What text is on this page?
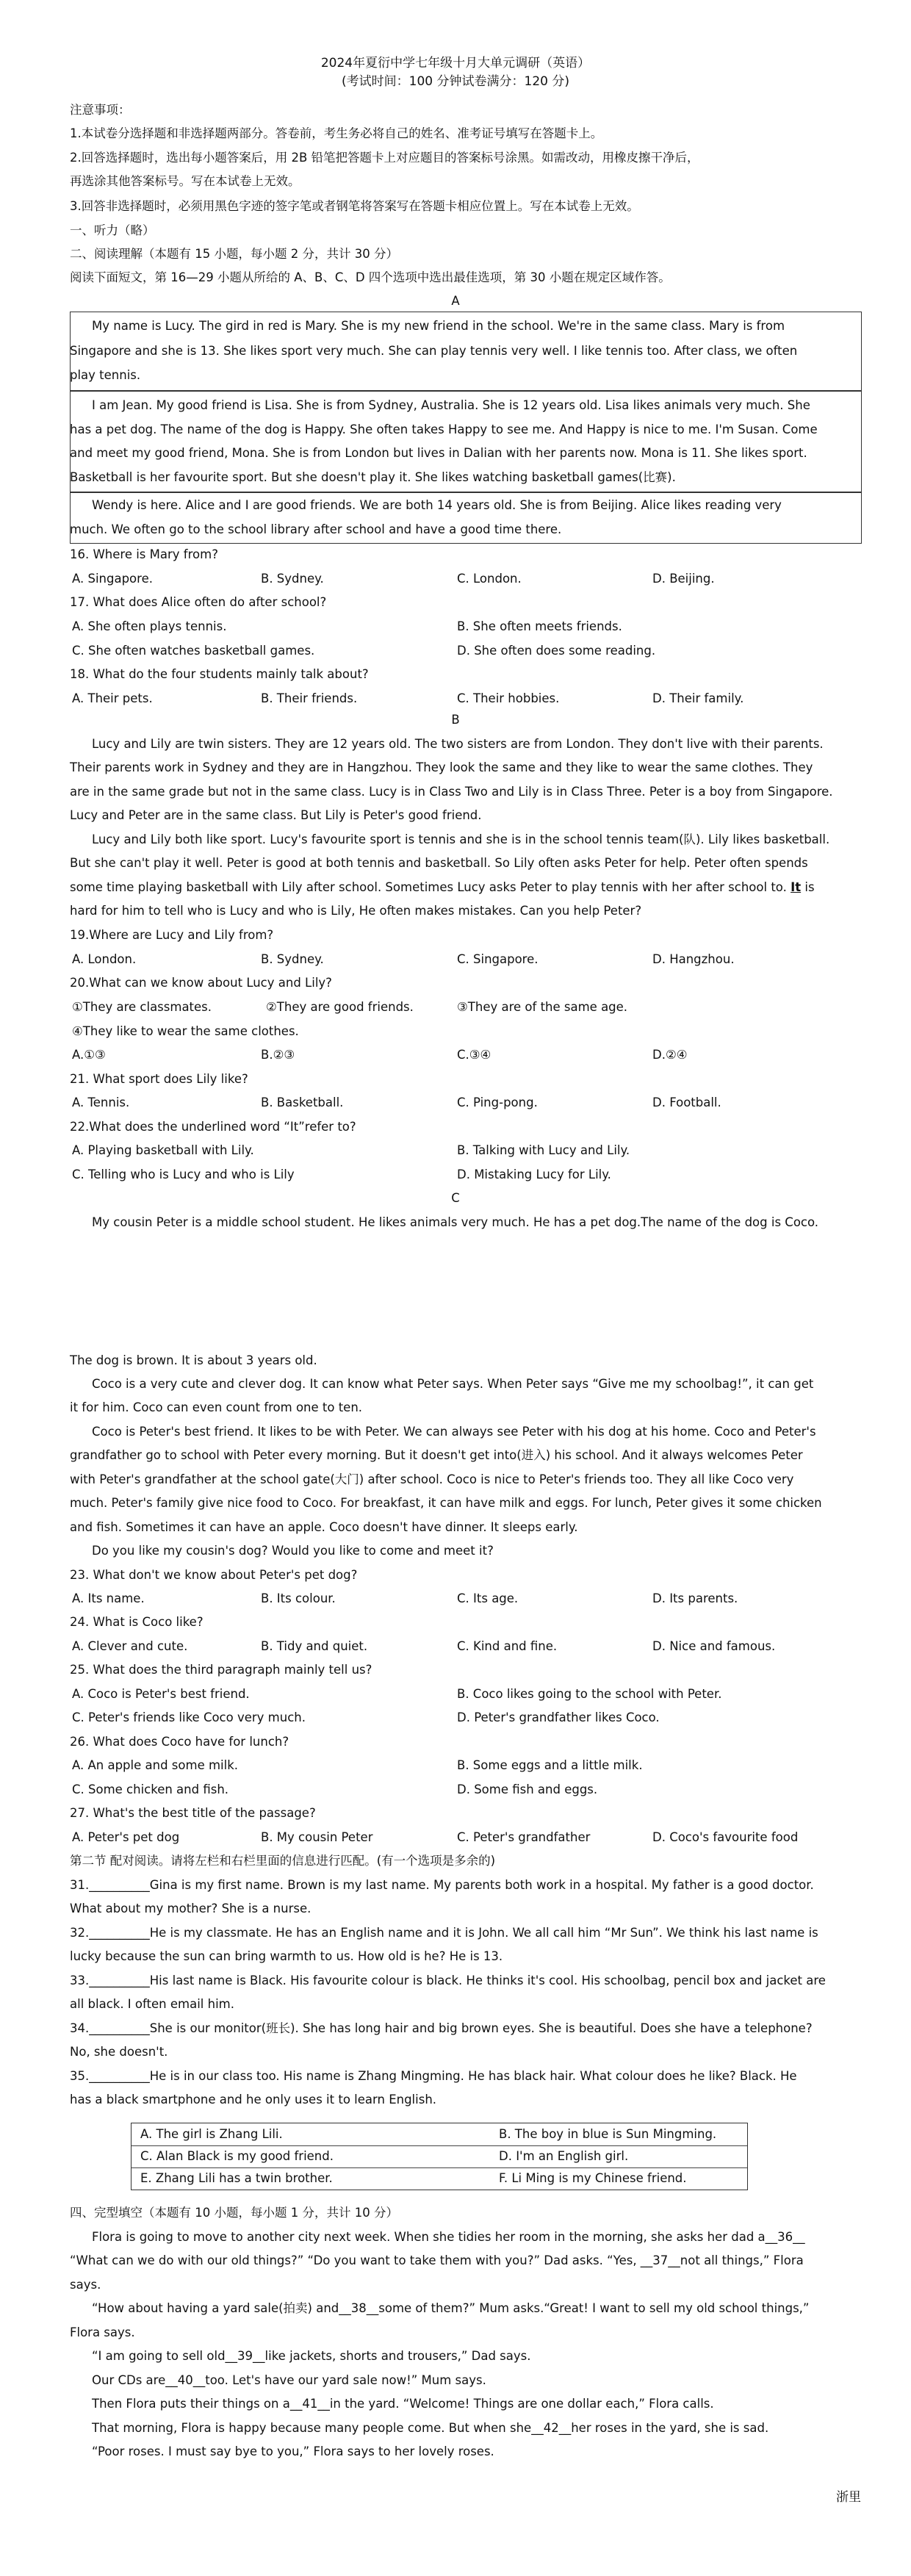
2024年夏衍中学七年级十月大单元调研（英语）
(考试时间：100 分钟试卷满分：120 分)
注意事项：
1.本试卷分选择题和非选择题两部分。答卷前，考生务必将自己的姓名、准考证号填写在答题卡上。
2.回答选择题时，选出每小题答案后，用 2B 铅笔把答题卡上对应题目的答案标号涂黑。如需改动，用橡皮擦干净后，
再选涂其他答案标号。写在本试卷上无效。
3.回答非选择题时，必须用黑色字迹的签字笔或者钢笔将答案写在答题卡相应位置上。写在本试卷上无效。
一、听力（略）
二、阅读理解（本题有 15 小题，每小题 2 分，共计 30 分）
阅读下面短文，第 16—29 小题从所给的 A、B、C、D 四个选项中选出最佳选项，第 30 小题在规定区域作答。
A
My name is Lucy. The gird in red is Mary. She is my new friend in the school. We're in the same class. Mary is from
Singapore and she is 13. She likes sport very much. She can play tennis very well. I like tennis too. After class, we often
play tennis.
I am Jean. My good friend is Lisa. She is from Sydney, Australia. She is 12 years old. Lisa likes animals very much. She
has a pet dog. The name of the dog is Happy. She often takes Happy to see me. And Happy is nice to me. I'm Susan. Come
and meet my good friend, Mona. She is from London but lives in Dalian with her parents now. Mona is 11. She likes sport.
Basketball is her favourite sport. But she doesn't play it. She likes watching basketball games(比赛).
Wendy is here. Alice and I are good friends. We are both 14 years old. She is from Beijing. Alice likes reading very
much. We often go to the school library after school and have a good time there.
16. Where is Mary from?
A. Singapore.	B. Sydney.	C. London.	D. Beijing.
17. What does Alice often do after school?
A. She often plays tennis.	B. She often meets friends.
C. She often watches basketball games.	D. She often does some reading.
18. What do the four students mainly talk about?
A. Their pets.	B. Their friends.	C. Their hobbies.	D. Their family.
B
Lucy and Lily are twin sisters. They are 12 years old. The two sisters are from London. They don't live with their parents.
Their parents work in Sydney and they are in Hangzhou. They look the same and they like to wear the same clothes. They
are in the same grade but not in the same class. Lucy is in Class Two and Lily is in Class Three. Peter is a boy from Singapore.
Lucy and Peter are in the same class. But Lily is Peter's good friend.
Lucy and Lily both like sport. Lucy's favourite sport is tennis and she is in the school tennis team(队). Lily likes basketball.
But she can't play it well. Peter is good at both tennis and basketball. So Lily often asks Peter for help. Peter often spends
some time playing basketball with Lily after school. Sometimes Lucy asks Peter to play tennis with her after school to. It is
hard for him to tell who is Lucy and who is Lily, He often makes mistakes. Can you help Peter?
19.Where are Lucy and Lily from?
A. London.	B. Sydney.	C. Singapore.	D. Hangzhou.
20.What can we know about Lucy and Lily?
①They are classmates.	②They are good friends.	③They are of the same age.
④They like to wear the same clothes.
A.①③	B.②③	C.③④	D.②④
21. What sport does Lily like?
A. Tennis.	B. Basketball.	C. Ping-pong.	D. Football.
22.What does the underlined word “It”refer to?
A. Playing basketball with Lily.	B. Talking with Lucy and Lily.
C. Telling who is Lucy and who is Lily	D. Mistaking Lucy for Lily.
C
My cousin Peter is a middle school student. He likes animals very much. He has a pet dog.The name of the dog is Coco.
The dog is brown. It is about 3 years old.
Coco is a very cute and clever dog. It can know what Peter says. When Peter says “Give me my schoolbag!”, it can get
it for him. Coco can even count from one to ten.
Coco is Peter's best friend. It likes to be with Peter. We can always see Peter with his dog at his home. Coco and Peter's
grandfather go to school with Peter every morning. But it doesn't get into(进入) his school. And it always welcomes Peter
with Peter's grandfather at the school gate(大门) after school. Coco is nice to Peter's friends too. They all like Coco very
much. Peter's family give nice food to Coco. For breakfast, it can have milk and eggs. For lunch, Peter gives it some chicken
and fish. Sometimes it can have an apple. Coco doesn't have dinner. It sleeps early.
Do you like my cousin's dog? Would you like to come and meet it?
23. What don't we know about Peter's pet dog?
A. Its name.	B. Its colour.	C. Its age.	D. Its parents.
24. What is Coco like?
A. Clever and cute.	B. Tidy and quiet.	C. Kind and fine.	D. Nice and famous.
25. What does the third paragraph mainly tell us?
A. Coco is Peter's best friend.	B. Coco likes going to the school with Peter.
C. Peter's friends like Coco very much.	D. Peter's grandfather likes Coco.
26. What does Coco have for lunch?
A. An apple and some milk.	B. Some eggs and a little milk.
C. Some chicken and fish.	D. Some fish and eggs.
27. What's the best title of the passage?
A. Peter's pet dog	B. My cousin Peter	C. Peter's grandfather	D. Coco's favourite food
第二节 配对阅读。请将左栏和右栏里面的信息进行匹配。(有一个选项是多余的)
31.__________Gina is my first name. Brown is my last name. My parents both work in a hospital. My father is a good doctor.
What about my mother? She is a nurse.
32.__________He is my classmate. He has an English name and it is John. We all call him “Mr Sun”. We think his last name is
lucky because the sun can bring warmth to us. How old is he? He is 13.
33.__________His last name is Black. His favourite colour is black. He thinks it's cool. His schoolbag, pencil box and jacket are
all black. I often email him.
34.__________She is our monitor(班长). She has long hair and big brown eyes. She is beautiful. Does she have a telephone?
No, she doesn't.
35.__________He is in our class too. His name is Zhang Mingming. He has black hair. What colour does he like? Black. He
has a black smartphone and he only uses it to learn English.
A. The girl is Zhang Lili.	B. The boy in blue is Sun Mingming.
C. Alan Black is my good friend.	D. I'm an English girl.
E. Zhang Lili has a twin brother.	F. Li Ming is my Chinese friend.
四、完型填空（本题有 10 小题，每小题 1 分，共计 10 分）
Flora is going to move to another city next week. When she tidies her room in the morning, she asks her dad a__36__
“What can we do with our old things?” “Do you want to take them with you?” Dad asks. “Yes, __37__not all things,” Flora
says.
“How about having a yard sale(拍卖) and__38__some of them?” Mum asks.“Great! I want to sell my old school things,”
Flora says.
“I am going to sell old__39__like jackets, shorts and trousers,” Dad says.
Our CDs are__40__too. Let's have our yard sale now!” Mum says.
Then Flora puts their things on a__41__in the yard. “Welcome! Things are one dollar each,” Flora calls.
That morning, Flora is happy because many people come. But when she__42__her roses in the yard, she is sad.
“Poor roses. I must say bye to you,” Flora says to her lovely roses.
浙里
